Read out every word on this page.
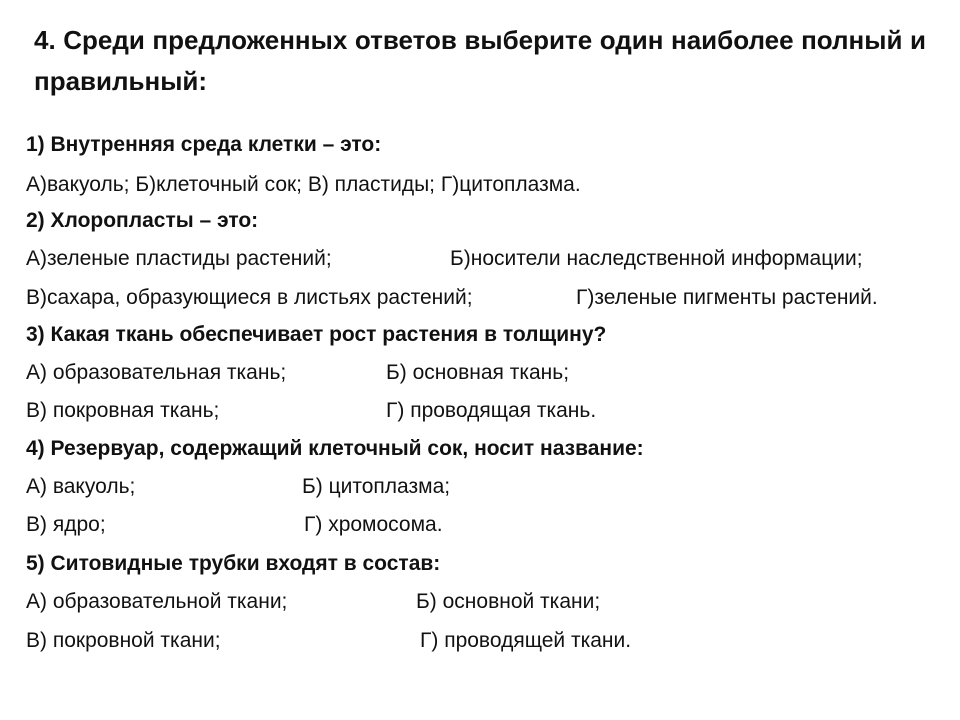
4. Среди предложенных ответов выберите один наиболее полный и правильный:
1) Внутренняя среда клетки – это:
А)вакуоль; Б)клеточный сок; В) пластиды; Г)цитоплазма.
2) Хлоропласты – это:
А)зеленые пластиды растений;	Б)носители наследственной информации;
В)сахара, образующиеся в листьях растений;	Г)зеленые пигменты растений.
3) Какая ткань обеспечивает рост растения в толщину?
А) образовательная ткань;	Б) основная ткань;
В) покровная ткань;	Г) проводящая ткань.
4) Резервуар, содержащий клеточный сок, носит название:
А) вакуоль;	Б) цитоплазма;
В) ядро;	Г) хромосома.
5) Ситовидные трубки входят в состав:
А) образовательной ткани;	Б) основной ткани;
В) покровной ткани;	Г) проводящей ткани.
